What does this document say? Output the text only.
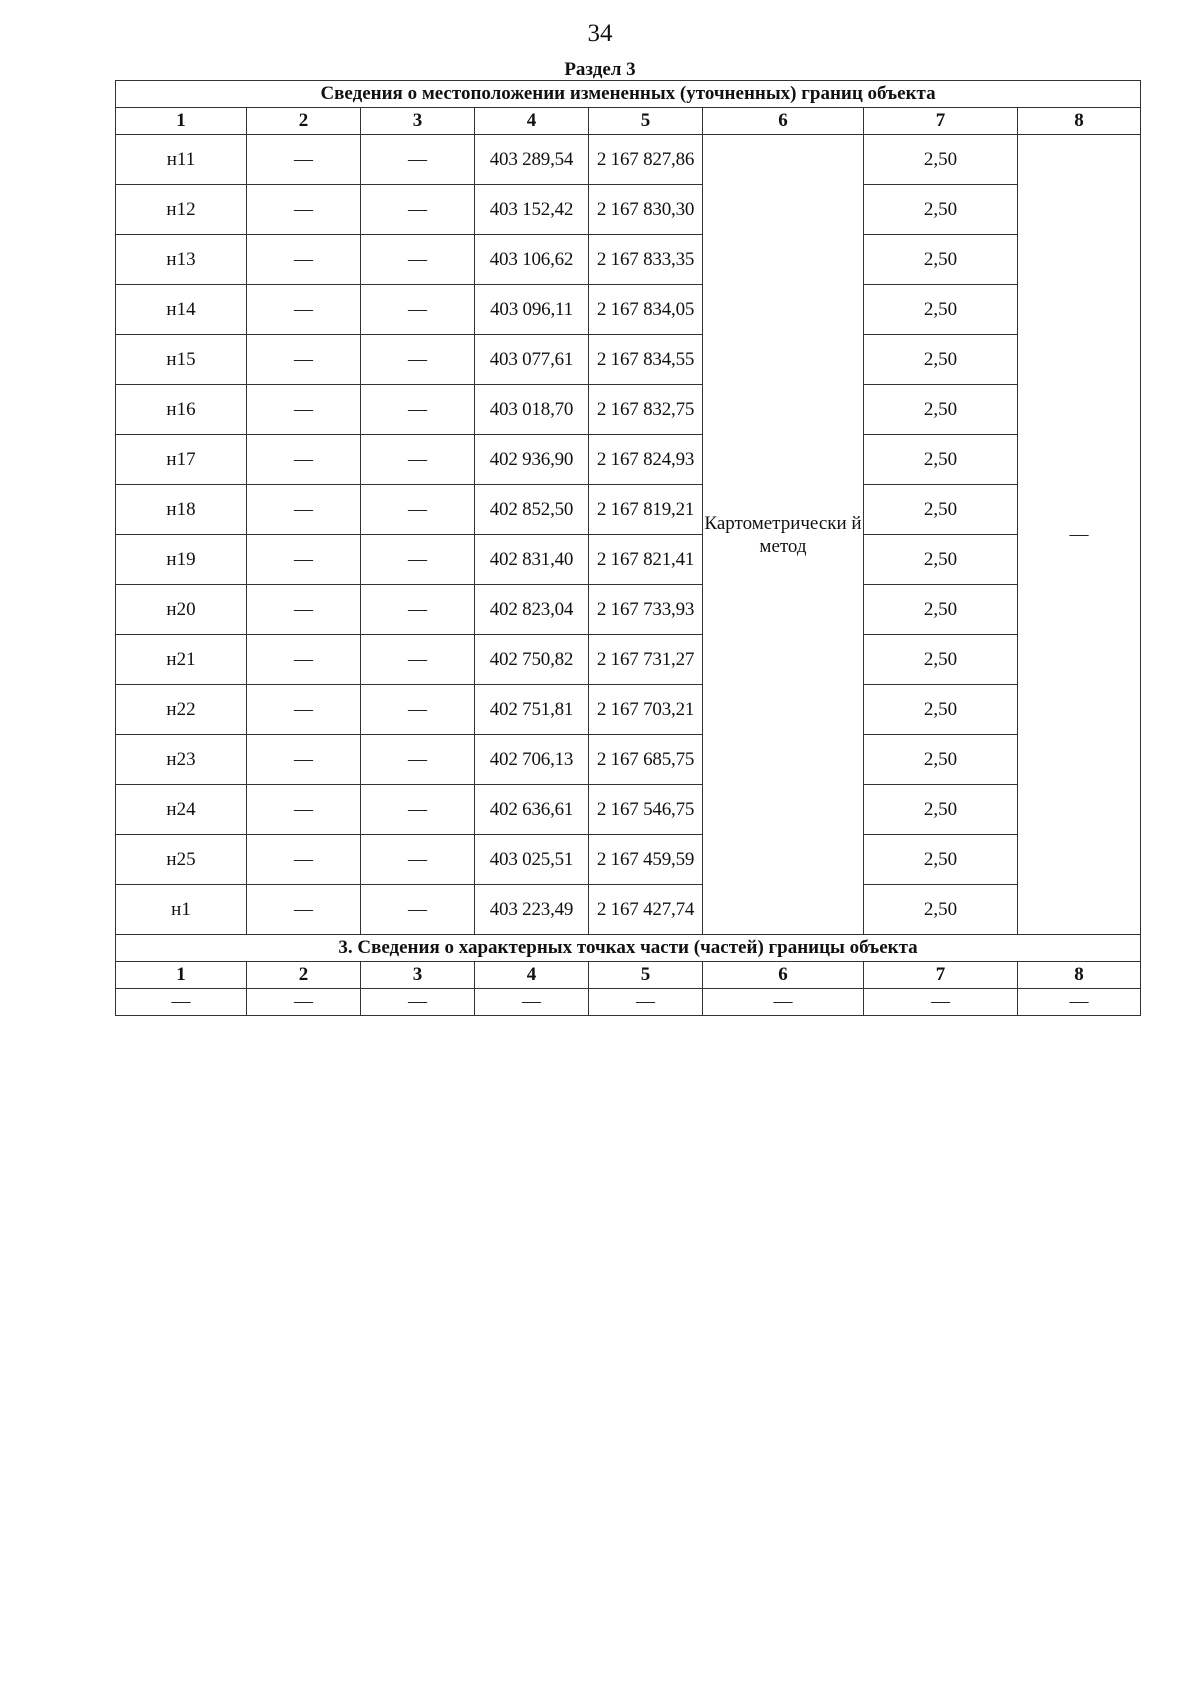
34
Раздел 3
Сведения о местоположении измененных (уточненных) границ объекта							
1	2	3	4	5	6	7	8
н11	—	—	403 289,54	2 167 827,86	Картометрически й метод	2,50	—
н12	—	—	403 152,42	2 167 830,30		2,50	
н13	—	—	403 106,62	2 167 833,35		2,50	
н14	—	—	403 096,11	2 167 834,05		2,50	
н15	—	—	403 077,61	2 167 834,55		2,50	
н16	—	—	403 018,70	2 167 832,75		2,50	
н17	—	—	402 936,90	2 167 824,93		2,50	
н18	—	—	402 852,50	2 167 819,21		2,50	
н19	—	—	402 831,40	2 167 821,41		2,50	
н20	—	—	402 823,04	2 167 733,93		2,50	
н21	—	—	402 750,82	2 167 731,27		2,50	
н22	—	—	402 751,81	2 167 703,21		2,50	
н23	—	—	402 706,13	2 167 685,75		2,50	
н24	—	—	402 636,61	2 167 546,75		2,50	
н25	—	—	403 025,51	2 167 459,59		2,50	
н1	—	—	403 223,49	2 167 427,74		2,50	
3. Сведения о характерных точках части (частей) границы объекта							
1	2	3	4	5	6	7	8
—	—	—	—	—	—	—	—
